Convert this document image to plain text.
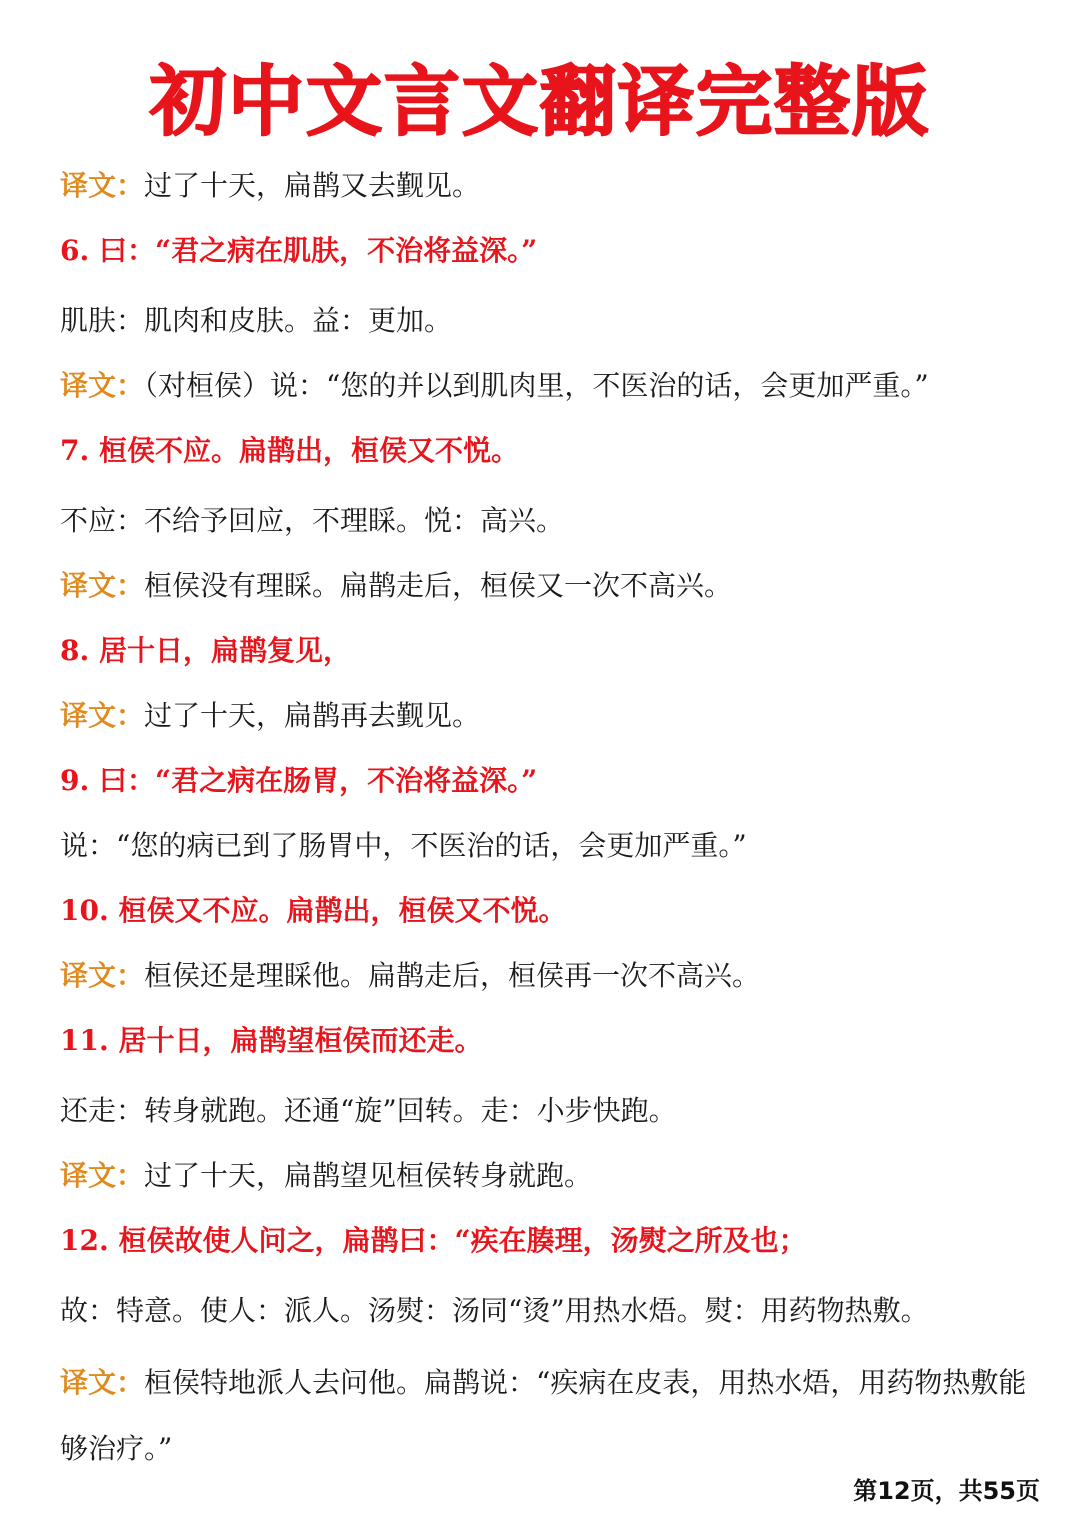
初中文言文翻译完整版
译文：过了十天，扁鹊又去觐见。
6. 曰：“君之病在肌肤，不治将益深。”
肌肤：肌肉和皮肤。益：更加。
译文：（对桓侯）说：“您的并以到肌肉里，不医治的话，会更加严重。”
7. 桓侯不应。扁鹊出，桓侯又不悦。
不应：不给予回应，不理睬。悦：高兴。
译文：桓侯没有理睬。扁鹊走后，桓侯又一次不高兴。
8. 居十日，扁鹊复见，
译文：过了十天，扁鹊再去觐见。
9. 曰：“君之病在肠胃，不治将益深。”
说：“您的病已到了肠胃中，不医治的话，会更加严重。”
10. 桓侯又不应。扁鹊出，桓侯又不悦。
译文：桓侯还是理睬他。扁鹊走后，桓侯再一次不高兴。
11. 居十日，扁鹊望桓侯而还走。
还走：转身就跑。还通“旋”回转。走：小步快跑。
译文：过了十天，扁鹊望见桓侯转身就跑。
12. 桓侯故使人问之，扁鹊曰：“疾在腠理，汤熨之所及也；
故：特意。使人：派人。汤熨：汤同“烫”用热水焐。熨：用药物热敷。
译文：桓侯特地派人去问他。扁鹊说：“疾病在皮表，用热水焐，用药物热敷能够治疗。”
第12页，共55页
